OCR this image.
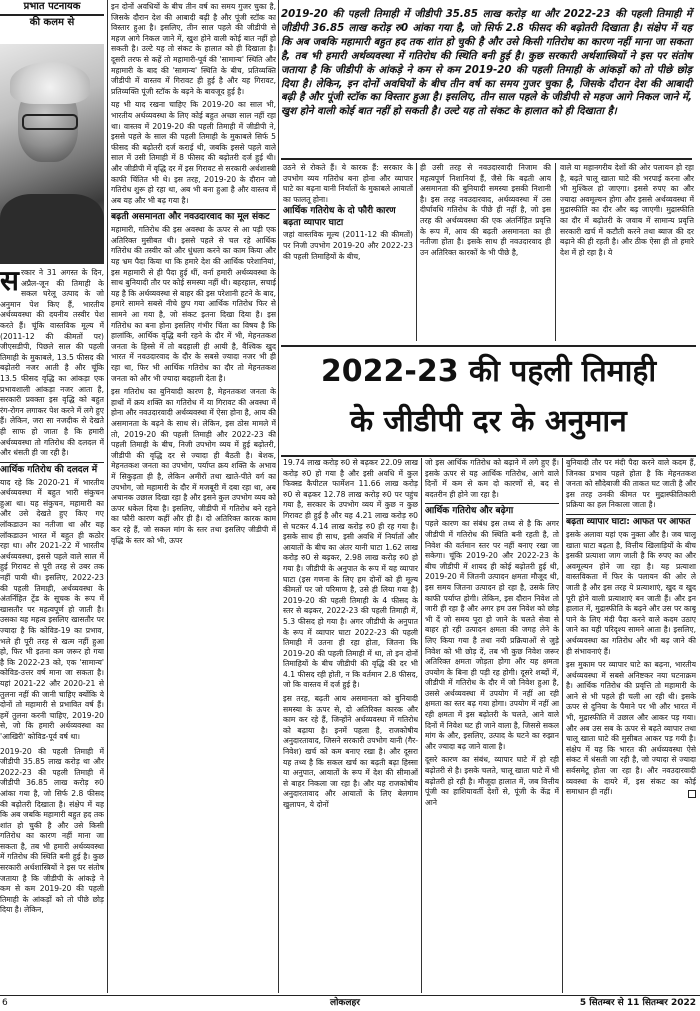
प्रभात पटनायक
की कलम से

सरकार ने 31 अगस्त के दिन, अप्रैल-जून की तिमाही के सकल घरेलू उत्पाद के जो अनुमान पेश किए हैं, भारतीय अर्थव्यवस्था की दयनीय तस्वीर पेश करते हैं। चूंकि वास्तविक मूल्य में (2011-12 की कीमतों पर) जीएसडीपी, पिछले साल की पहली तिमाही के मुकाबले, 13.5 फीसद की बढ़ोतरी नजर आती है और चूंकि 13.5 फीसद वृद्धि का आंकड़ा एक प्रभावशाली आंकड़ा नजर आता है, सरकारी प्रवक्ता इस वृद्धि को बहुत रंग-रोगन लगाकर पेश करने में लगे हुए हैं। लेकिन, जरा सा नजदीक से देखते ही साफ हो जाता है कि हमारी अर्थव्यवस्था तो गतिरोध की दलदल में और धंसती ही जा रही है।

आर्थिक गतिरोध की दलदल में

याद रहे कि 2020-21 में भारतीय अर्थव्यवस्था में बहुत भारी संकुचन हुआ था। यह संकुचन, महामारी का और उसे देखते हुए किए गए लॉकडाउन का नतीजा था और यह लॉकडाउन भारत में बहुत ही कठोर रहा था। और 2021-22 में भारतीय अर्थव्यवस्था, इससे पहले वाले साल में हुई गिरावट से पूरी तरह से उबर तक नहीं पायी थी। इसलिए, 2022-23 की पहली तिमाही, अर्थव्यवस्था के अंतर्निहित ट्रेंड के सूचक के रूप में खासतौर पर महत्वपूर्ण हो जाती है। उसका यह महत्व इसलिए खासतौर पर ज्यादा है कि कोविड-19 का प्रभाव, भले ही पूरी तरह से खत्म नहीं हुआ हो, फिर भी इतना कम जरूर हो गया है कि 2022-23 को, एक 'सामान्य' कोविड-उत्तर वर्ष माना जा सकता है। यहां 2021-22 और 2020-21 से तुलना नहीं की जानी चाहिए क्योंकि ये दोनों तो महामारी से प्रभावित वर्ष हैं। हमें तुलना करनी चाहिए, 2019-20 से, जो कि हमारी अर्थव्यवस्था का 'आखिरी' कोविड-पूर्व वर्ष था।

2019-20 की पहली तिमाही में जीडीपी 35.85 लाख करोड़ था और 2022-23 की पहली तिमाही में जीडीपी 36.85 लाख करोड़ रु0 आंका गया है, जो सिर्फ 2.8 फीसद की बढ़ोतरी दिखाता है। संक्षेप में यह कि अब जबकि महामारी बहुत हद तक शांत हो चुकी है और उसे किसी गतिरोध का कारण नहीं माना जा सकता है, तब भी हमारी अर्थव्यवस्था में गतिरोध की स्थिति बनी हुई है। कुछ सरकारी अर्थशास्त्रियों ने इस पर संतोष जताया है कि जीडीपी के आंकड़े ने कम से कम 2019-20 की पहली तिमाही के आंकड़ों को तो पीछे छोड़ दिया है। लेकिन,

इन दोनों अवधियों के बीच तीन वर्ष का समय गुजर चुका है, जिसके दौरान देश की आबादी बढ़ी है और पूंजी स्टॉक का विस्तार हुआ है। इसलिए, तीन साल पहले की जीडीपी से महज आगे निकल जाने में, खुश होने वाली कोई बात नहीं हो सकती है। उल्टे यह तो संकट के हालात को ही दिखाता है। दूसरी तरफ से कहें तो महामारी-पूर्व की 'सामान्य' स्थिति और महामारी के बाद की 'सामान्य' स्थिति के बीच, प्रतिव्यक्ति जीडीपी में वास्तव में गिरावट ही हुई है और यह गिरावट, प्रतिव्यक्ति पूंजी स्टॉक के बढ़ने के बावजूद हुई है।

यह भी याद रखना चाहिए कि 2019-20 का साल भी, भारतीय अर्थव्यवस्था के लिए कोई बहुत अच्छा साल नहीं रहा था। वास्तव में 2019-20 की पहली तिमाही में जीडीपी ने, इससे पहले के साल की पहली तिमाही के मुकाबले सिर्फ 5 फीसद की बढ़ोतरी दर्ज कराई थी, जबकि इससे पहले वाले साल में उसी तिमाही में 8 फीसद की बढ़ोतरी दर्ज हुई थी। और जीडीपी में वृद्धि दर में इस गिरावट से सरकारी अर्थशास्त्री काफी चिंतित भी थे। इस तरह, 2019-20 के दौरान जो गतिरोध शुरू हो रहा था, अब भी बना हुआ है और वास्तव में अब यह और भी बढ़ गया है।

बढ़ती असमानता और नवउदारवाद का मूल संकट

महामारी, गतिरोध की इस अवस्था के ऊपर से आ पड़ी एक अतिरिक्त मुसीबत थी। इससे पहले से चल रहे आर्थिक गतिरोध की तस्वीर को और धुंधला करने का काम किया और यह भ्रम पैदा किया था कि हमारे देश की आर्थिक परेशानियां, इस महामारी से ही पैदा हुई थीं, वर्ना हमारी अर्थव्यवस्था के साथ बुनियादी तौर पर कोई समस्या नहीं थी। बहरहाल, सचाई यह है कि अर्थव्यवस्था से बाहर की इस परेशानी हटने के बाद, हमारे सामने सबसे नीचे छुप गया आर्थिक गतिरोध फिर से सामने आ गया है, जो संकट इतना दिखा दिया है। इस गतिरोध का बना होना इसलिए गंभीर चिंता का विषय है कि हालांकि, आर्थिक वृद्धि बनी रहने के दौर में भी, मेहनतकश जनता के हिस्से में तो बदहाली ही आयी है, वैश्विक खुद भारत में नवउदारवाद के दौर के सबसे ज्यादा नजर भी ही रहा था, फिर भी आर्थिक गतिरोध का दौर तो मेहनतकश जनता को और भी ज्यादा बदहाली देता है।

इस गतिरोध का बुनियादी कारण है, मेहनतकश जनता के हाथों में क्रय शक्ति का गतिरोध में या गिरावट की अवस्था में होना और नवउदारवादी अर्थव्यवस्था में ऐसा होना है, आय की असमानता के बढ़ने के साथ से। लेकिन, इस ठोस मामले में तो, 2019-20 की पहली तिमाही और 2022-23 की पहली तिमाही के बीच, निजी उपभोग व्यय में हुई बढ़ोतरी, जीडीपी की वृद्धि दर से ज्यादा ही बैठती है। बेशक, मेहनतकश जनता का उपभोग, पर्याप्त क्रय शक्ति के अभाव में सिकुड़ता ही है, लेकिन अमीरों तथा खाते-पीते वर्ग का उपभोग, जो महामारी के दौर में मजबूरी में दबा रहा था, अब अचानक उछाल दिखा रहा है और इसने कुल उपभोग व्यय को ऊपर धकेल दिया है। इसलिए, जीडीपी में गतिरोध बने रहने का फौरी कारण कहीं और ही है। दो अतिरिक्त कारक काम कर रहे हैं, जो सकल मांग के स्तर तथा इसलिए जीडीपी में वृद्धि के स्तर को भी, ऊपर

2019-20 की पहली तिमाही में जीडीपी 35.85 लाख करोड़ था और 2022-23 की पहली तिमाही में जीडीपी 36.85 लाख करोड़ रु0 आंका गया है, जो सिर्फ 2.8 फीसद की बढ़ोतरी दिखाता है। संक्षेप में यह कि अब जबकि महामारी बहुत हद तक शांत हो चुकी है और उसे किसी गतिरोध का कारण नहीं माना जा सकता है, तब भी हमारी अर्थव्यवस्था में गतिरोध की स्थिति बनी हुई है। कुछ सरकारी अर्थशास्त्रियों ने इस पर संतोष जताया है कि जीडीपी के आंकड़े ने कम से कम 2019-20 की पहली तिमाही के आंकड़ों को तो पीछे छोड़ दिया है। लेकिन, इन दोनों अवधियों के बीच तीन वर्ष का समय गुजर चुका है, जिसके दौरान देश की आबादी बढ़ी है और पूंजी स्टॉक का विस्तार हुआ है। इसलिए, तीन साल पहले के जीडीपी से महज आगे निकल जाने में, खुश होने वाली कोई बात नहीं हो सकती है। उल्टे यह तो संकट के हालात को ही दिखाता है।

उठने से रोकते हैं। ये कारक हैं: सरकार के उपभोग व्यय गतिरोध बना होना और व्यापार घाटे का बढ़ना यानी निर्यातों के मुकाबले आयातों का फालतू होना।

आर्थिक गतिरोध के दो फौरी कारण

बढ़ता व्यापार घाटा

जहां वास्तविक मूल्य (2011-12 की कीमतों) पर निजी उपभोग 2019-20 और 2022-23 की पहली तिमाहियों के बीच,

ही उसी तरह से नवउदारवादी निजाम की महत्वपूर्ण निशानियां हैं, जैसे कि बढ़ती आय असमानता की बुनियादी समस्या इसकी निशानी है। इस तरह नवउदारवाद, अर्थव्यवस्था में उस दीर्घावधि गतिरोध के पीछे ही नहीं है, जो इस तरह की अर्थव्यवस्था की एक अंतर्निहित प्रवृत्ति के रूप में, आय की बढ़ती असमानता का ही नतीजा होता है। इसके साथ ही नवउदारवाद ही उन अतिरिक्त कारकों के भी पीछे है,

वाले या महानगरीय देशों की ओर पलायन हो रहा है, बढ़ते चालू खाता घाटे की भरपाई करना और भी मुश्किल हो जाएगा। इससे रुपए का और ज्यादा अवमूल्यन होगा और इससे अर्थव्यवस्था में मुद्रास्फीति का दौर और बढ़ जाएगी। मुद्रास्फीति का दौर में बढ़ोतरी के जवाब में सामान्य प्रवृत्ति सरकारी खर्च में कटौती करने तथा ब्याज की दर बढ़ाने की ही रहती है। और ठीक ऐसा ही तो हमारे देश में हो रहा है। ये

2022-23 की पहली तिमाही
के जीडीपी दर के अनुमान

19.74 लाख करोड़ रु0 से बढ़कर 22.09 लाख करोड़ रु0 हो गया है और इसी अवधि में कुल फिक्स्ड कैपीटल फार्मेशन 11.66 लाख करोड़ रु0 से बढ़कर 12.78 लाख करोड़ रु0 पर पहुंच गया है, सरकार के उपभोग व्यय में कुछ न कुछ गिरावट ही हुई है और यह 4.21 लाख करोड़ रु0 से घटकर 4.14 लाख करोड़ रु0 ही रह गया है। इसके साथ ही साथ, इसी अवधि में निर्यातों और आयातों के बीच का अंतर यानी घाटा 1.62 लाख करोड़ रु0 से बढ़कर, 2.98 लाख करोड़ रु0 हो गया है। जीडीपी के अनुपात के रूप में यह व्यापार घाटा (इस गणना के लिए हम दोनों को ही मूल्य कीमतों पर जो परिमाण है, उसे ही लिया गया है) 2019-20 की पहली तिमाही के 4 फीसद के स्तर से बढ़कर, 2022-23 की पहली तिमाही में, 5.3 फीसद हो गया है। अगर जीडीपी के अनुपात के रूप में व्यापार घाटा 2022-23 की पहली तिमाही में उतना ही रहा होता, जितना कि 2019-20 की पहली तिमाही में था, तो इन दोनों तिमाहियों के बीच जीडीपी की वृद्धि की दर भी 4.1 फीसद रही होती, न कि वर्तमान 2.8 फीसद, जो कि वास्तव में दर्ज हुई है।

इस तरह, बढ़ती आय असमानता को बुनियादी समस्या के ऊपर से, दो अतिरिक्त कारक और काम कर रहे हैं, जिन्होंने अर्थव्यवस्था में गतिरोध को बढ़ाया है। इनमें पहला है, राजकोषीय अनुदारतावाद, जिसने सरकारी उपभोग यानी (गैर-निवेश) खर्च को कम बनाए रखा है। और दूसरा यह तथ्य है कि सकल खर्च का बढ़ती बढ़ा हिस्सा या अनुपात, आयातों के रूप में देश की सीमाओं से बाहर निकला जा रहा है। और यह राजकोषीय अनुदारतावाद और आयातों के लिए बेलगाम खुलापन, ये दोनों

जो इस आर्थिक गतिरोध को बढ़ाने में लगे हुए हैं। इसके ऊपर से यह आर्थिक गतिरोध, आगे वाले दिनों में कम से कम दो कारणों से, बद से बदतरीन ही होने जा रहा है।

आर्थिक गतिरोध और बढ़ेगा

पहले कारण का संबंध इस तथ्य से है कि अगर जीडीपी में गतिरोध की स्थिति बनी रहती है, तो निवेश की वर्तमान स्तर पर नहीं बनाए रखा जा सकेगा। चूंकि 2019-20 और 2022-23 के बीच जीडीपी में शायद ही कोई बढ़ोतरी हुई थी, 2019-20 में जितनी उत्पादन क्षमता मौजूद थी, इस समय जितना उत्पादन हो रहा है, उसके लिए काफी पर्याप्त होगी। लेकिन, इस दौरान निवेश तो जारी ही रहा है और अगर हम उस निवेश को छोड़ भी दें जो समय पूरा हो जाने के चलते सेवा से बाहर हो रही उत्पादन क्षमता की जगह लेने के लिए किया गया है तथा नयी प्रक्रियाओं से जुड़े निवेश को भी छोड़ दें, तब भी कुछ निवेश जरूर अतिरिक्त क्षमता जोड़ता होगा और यह क्षमता उपयोग के बिना ही पड़ी रह होगी। दूसरे शब्दों में, जीडीपी में गतिरोध के दौर में जो निवेश हुआ है, उससे अर्थव्यवस्था में उपयोग में नहीं आ रही क्षमता का स्तर बढ़ गया होगा। उपयोग में नहीं आ रही क्षमता में इस बढ़ोतरी के चलते, आने वाले दिनों में निवेश घट ही जाने वाला है, जिससे सकल मांग के और, इसलिए, उत्पाद के घटने का रुझान और ज्यादा बढ़ जाने वाला है।

दूसरे कारण का संबंध, व्यापार घाटे में हो रही बढ़ोतरी से है। इसके चलते, चालू खाता घाटे में भी बढ़ोतरी हो रही है। मौजूदा हालात में, जब वित्तीय पूंजी का हाशियावर्ती देशों से, पूंजी के केंद्र में आने

बुनियादी तौर पर मंदी पैदा करने वाले कदम हैं, जिनका प्रभाव पहले होता है कि मेहनतकश जनता को सौदेबाजी की ताकत घट जाती है और इस तरह उनकी कीमत पर मुद्रास्फीतिकारी प्रक्रिया का हल निकाला जाता है।

बढ़ता व्यापार घाटा: आफत पर आफत

इसके अलावा यहां एक नुक्ता और है। जब चालू खाता घाटा बढ़ता है, वित्तीय खिलाड़ियों के बीच इसकी प्रत्याशा जाग जाती है कि रुपए का और अवमूल्यन होने जा रहा है। यह प्रत्याशा वास्तविकता में फिर के पलायन की ओर ले जाती है और इस तरह ये प्रत्याशाएं, खुद व खुद पूरी होने वाली प्रत्याशाएं बन जाती हैं। और इन हालात में, मुद्रास्फीति के बढ़ने और उस पर काबू पाने के लिए मंदी पैदा करने वाले कदम उठाए जाने का यही परिदृश्य सामने आता है। इसलिए, अर्थव्यवस्था का गतिरोध और भी बढ़ जाने की ही संभावनाएं हैं।

इस मुकाम पर व्यापार घाटे का बढ़ना, भारतीय अर्थव्यवस्था में सबसे अनिष्टकर नया घटनाक्रम है। आर्थिक गतिरोध की प्रवृत्ति तो महामारी के आने से भी पहले ही चली आ रही थी। इसके ऊपर से दुनिया के पैमाने पर भी और भारत में भी, मुद्रास्फीति में उछाल और आकर पड़ गया। और अब उस सब के ऊपर से बढ़ते व्यापार तथा चालू खाता घाटे की मुसीबत आकर पड़ गयी है। संक्षेप में यह कि भारत की अर्थव्यवस्था ऐसे संकट में धंसती जा रही है, जो ज्यादा से ज्यादा सर्वसमेटू होता जा रहा है। और नवउदारवादी व्यवस्था के दायरे में, इस संकट का कोई समाधान ही नहीं।

6	लोकलहर	5 सितम्बर से 11 सितम्बर 2022
